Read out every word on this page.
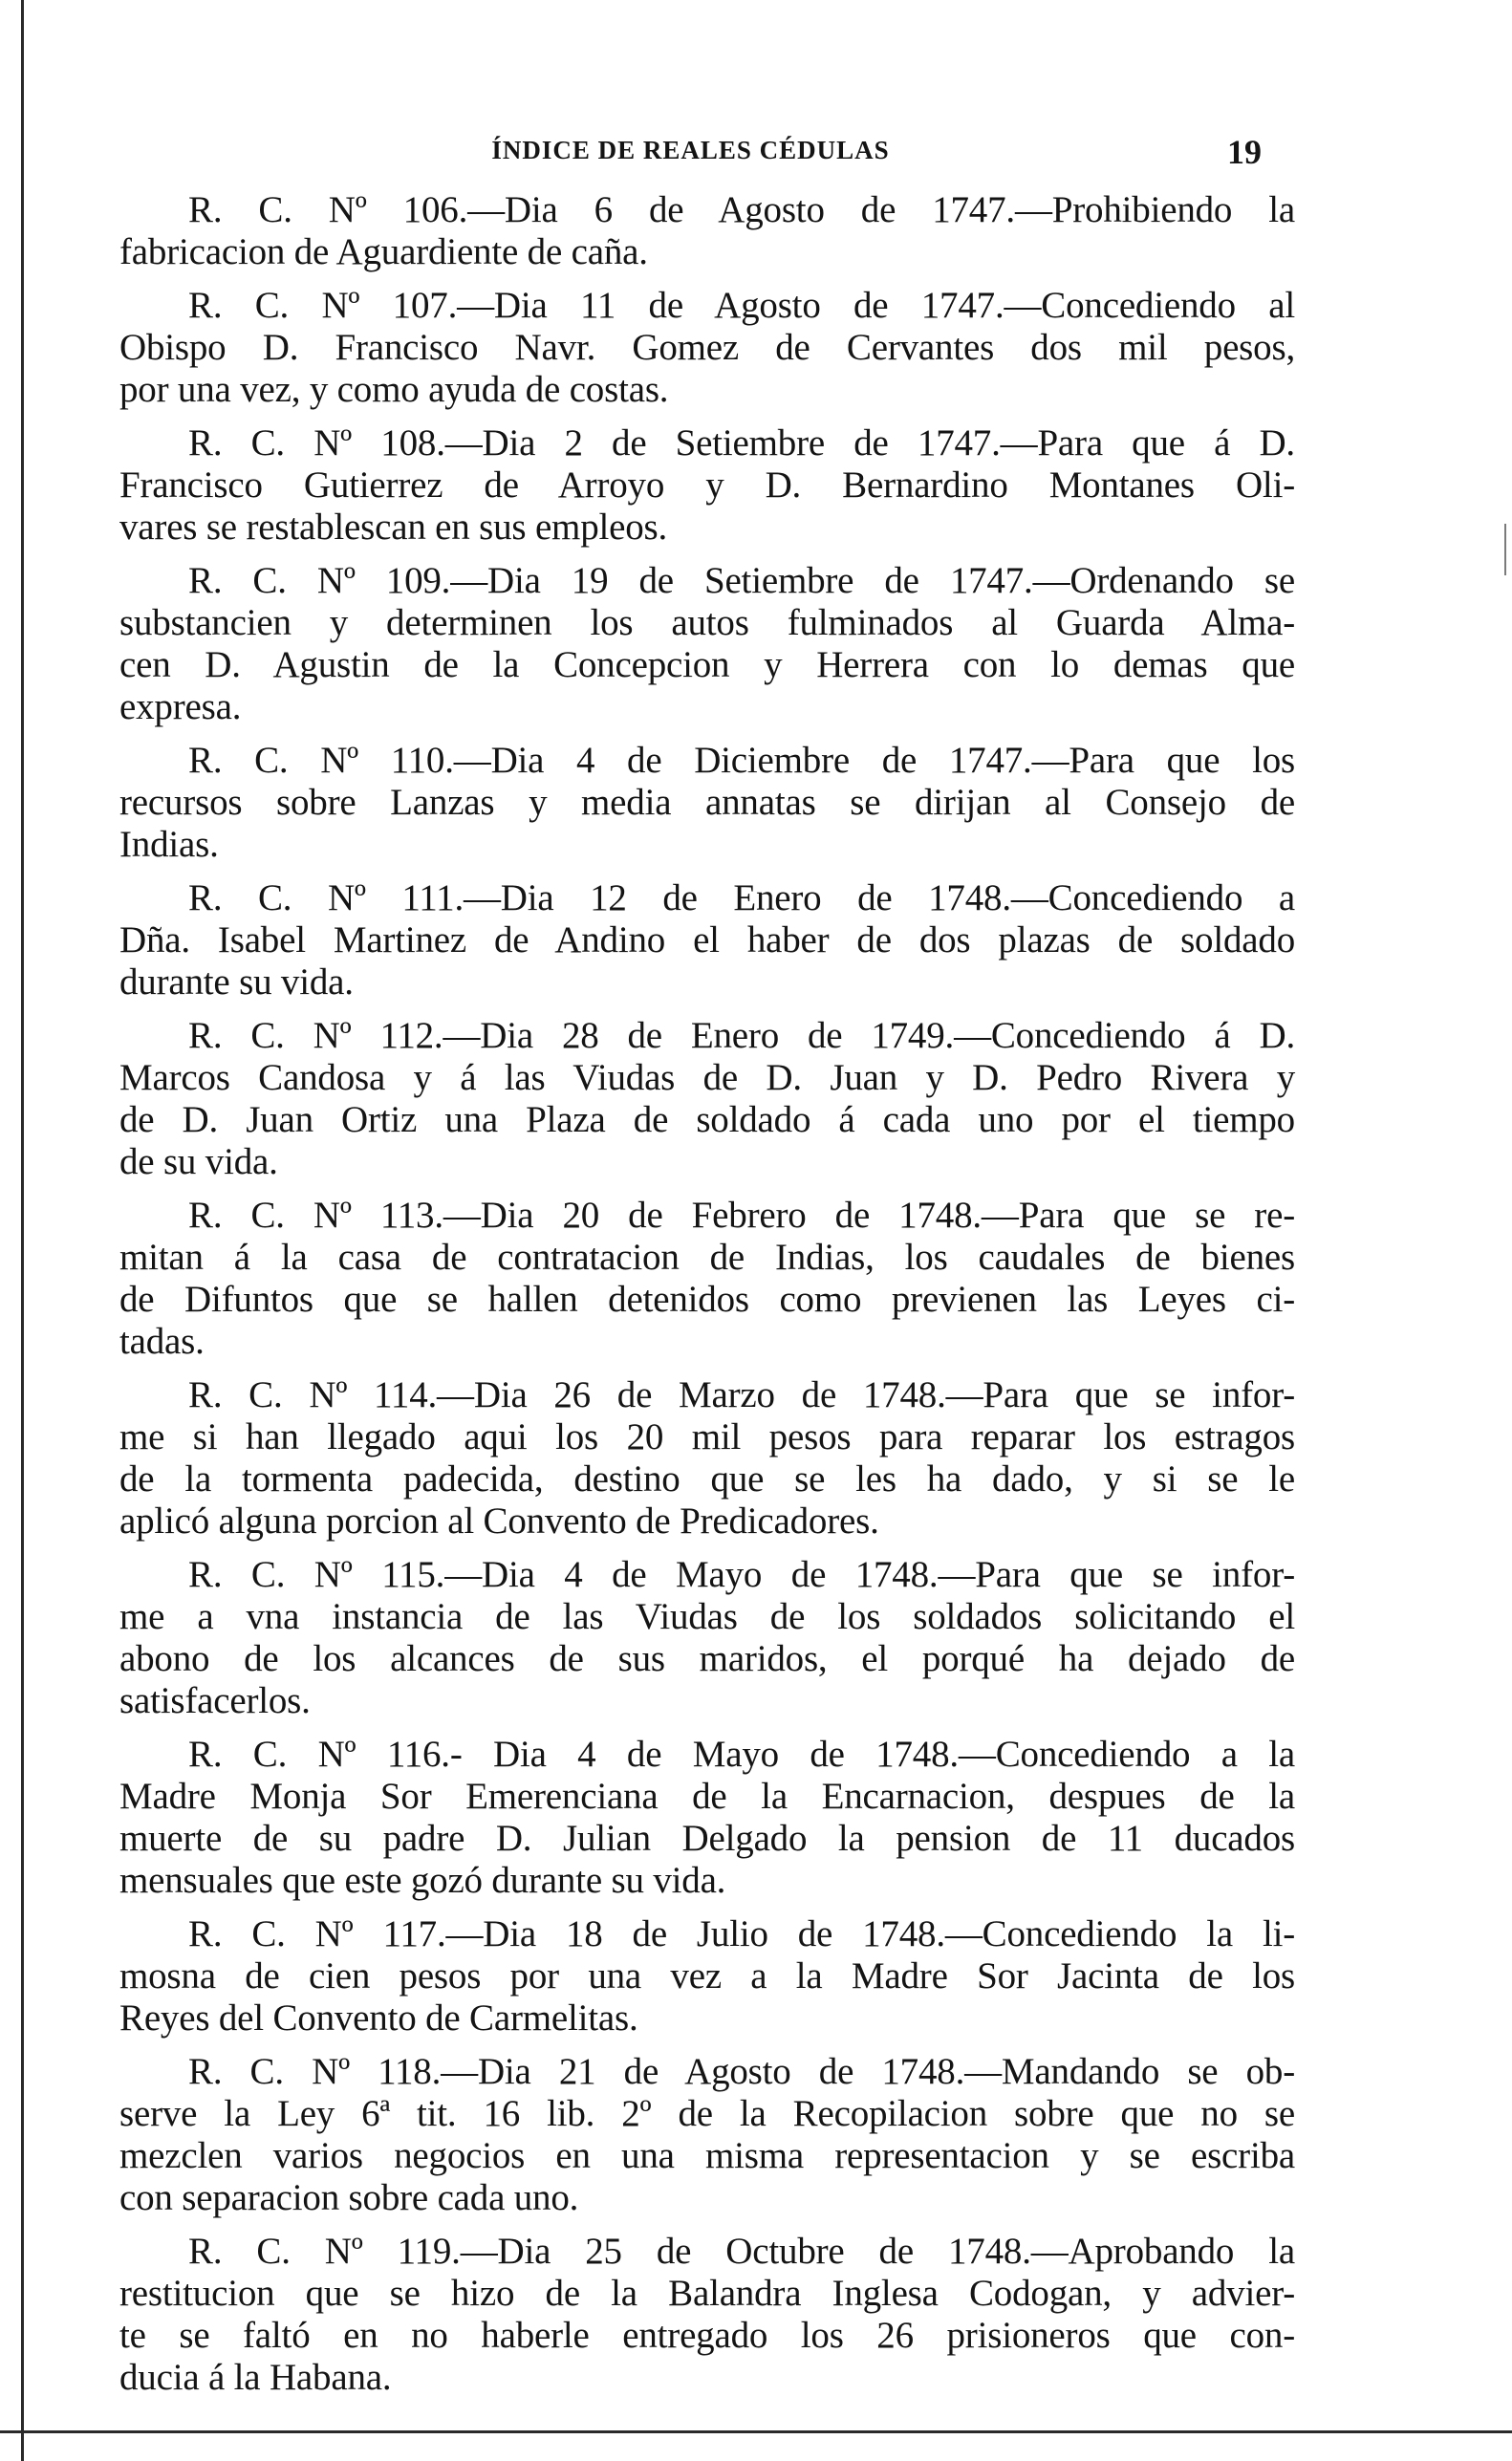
ÍNDICE DE REALES CÉDULAS	19
R. C. Nº 106.—Dia 6 de Agosto de 1747.—Prohibiendo la
fabricacion de Aguardiente de caña.
R. C. Nº 107.—Dia 11 de Agosto de 1747.—Concediendo al
Obispo D. Francisco Navr. Gomez de Cervantes dos mil pesos,
por una vez, y como ayuda de costas.
R. C. Nº 108.—Dia 2 de Setiembre de 1747.—Para que á D.
Francisco Gutierrez de Arroyo y D. Bernardino Montanes Oli-
vares se restablescan en sus empleos.
R. C. Nº 109.—Dia 19 de Setiembre de 1747.—Ordenando se
substancien y determinen los autos fulminados al Guarda Alma-
cen D. Agustin de la Concepcion y Herrera con lo demas que
expresa.
R. C. Nº 110.—Dia 4 de Diciembre de 1747.—Para que los
recursos sobre Lanzas y media annatas se dirijan al Consejo de
Indias.
R. C. Nº 111.—Dia 12 de Enero de 1748.—Concediendo a
Dña. Isabel Martinez de Andino el haber de dos plazas de soldado
durante su vida.
R. C. Nº 112.—Dia 28 de Enero de 1749.—Concediendo á D.
Marcos Candosa y á las Viudas de D. Juan y D. Pedro Rivera y
de D. Juan Ortiz una Plaza de soldado á cada uno por el tiempo
de su vida.
R. C. Nº 113.—Dia 20 de Febrero de 1748.—Para que se re-
mitan á la casa de contratacion de Indias, los caudales de bienes
de Difuntos que se hallen detenidos como previenen las Leyes ci-
tadas.
R. C. Nº 114.—Dia 26 de Marzo de 1748.—Para que se infor-
me si han llegado aqui los 20 mil pesos para reparar los estragos
de la tormenta padecida, destino que se les ha dado, y si se le
aplicó alguna porcion al Convento de Predicadores.
R. C. Nº 115.—Dia 4 de Mayo de 1748.—Para que se infor-
me a vna instancia de las Viudas de los soldados solicitando el
abono de los alcances de sus maridos, el porqué ha dejado de
satisfacerlos.
R. C. Nº 116.- Dia 4 de Mayo de 1748.—Concediendo a la
Madre Monja Sor Emerenciana de la Encarnacion, despues de la
muerte de su padre D. Julian Delgado la pension de 11 ducados
mensuales que este gozó durante su vida.
R. C. Nº 117.—Dia 18 de Julio de 1748.—Concediendo la li-
mosna de cien pesos por una vez a la Madre Sor Jacinta de los
Reyes del Convento de Carmelitas.
R. C. Nº 118.—Dia 21 de Agosto de 1748.—Mandando se ob-
serve la Ley 6ª tit. 16 lib. 2º de la Recopilacion sobre que no se
mezclen varios negocios en una misma representacion y se escriba
con separacion sobre cada uno.
R. C. Nº 119.—Dia 25 de Octubre de 1748.—Aprobando la
restitucion que se hizo de la Balandra Inglesa Codogan, y advier-
te se faltó en no haberle entregado los 26 prisioneros que con-
ducia á la Habana.
